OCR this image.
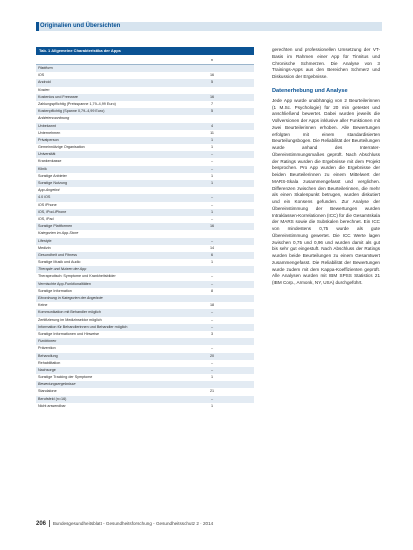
Originalien und Übersichten
Tab. 1 Allgemeine Charakteristika der Apps
n
Plattform
iOS	16
Android	5
Kosten
Kostenlos und Freeware	16
Zahlungspflichtig (Preisspanne 1,79–4,99 Euro)	7
Kostenpflichtig (Spanne 0,79–4,99 Euro)	5
Anbieterzuordnung
Unbekannt	4
Unternehmen	11
Privatperson	1
Gemeinnützige Organisation	1
Universität	–
Krankenkasse	–
Klinik	–
Sonstige Anbieter	1
Sonstige Nutzung	1
App-Angebot
4.0 iOS	–
iOS iPhone	–
iOS, iPod-iPhone	1
iOS, iPad	–
Sonstige Plattformen	16
Kategorien im App-Store
Lifestyle	–
Medizin	14
Gesundheit und Fitness	6
Sonstige Musik und Audio	1
Therapie und Nutzen der App
Therapeutisch: Symptome und Krankheitsbilder	–
Vermischte App-Funktionalitäten	–
Sonstige Information	8
Einordnung in Kategorien der Angebote
Keine	18
Kommunikation mit Behandler möglich	–
Zertifizierung im Medizinsektor möglich	–
Information für Behandlerinnen und Behandler möglich	–
Sonstige Informationen und Hinweise	3
Funktionen
Prävention	–
Behandlung	20
Rehabilitation	–
Nachsorge	–
Sonstige Tracking der Symptome	1
Bewertungsergebnisse
Standalone	21
Berufsfeld (n=16)	–
Nicht anwendbar	1

gerechten und professionellen Umsetzung der VT-Basis im Rahmen einer App für Tinnitus und Chronische Schmerzen. Die Analyse von 3 Trainings-Apps aus den Bereichen Schmerz und Diskussion der Ergebnisse.

Datenerhebung und Analyse

Jede App wurde unabhängig von 2 Beurteilerinnen (1 M.Sc. Psychologie) für 20 min getestet und anschließend bewertet. Dabei wurden jeweils die Vollversionen der Apps inklusive aller Funktionen mit zwei Beurteilerinnen erhoben. Alle Bewertungen erfolgten mit einem standardisierten Beurteilungsbogen. Die Reliabilität der Beurteilungen wurde anhand des Interrater-Übereinstimmungsmaßes geprüft. Nach Abschluss der Ratings wurden die Ergebnisse mit dem Projekt besprochen. Pro App wurden die Ergebnisse der beiden Beurteilerinnen zu einem Mittelwert der MARS-Skala zusammengefasst und verglichen. Differenzen zwischen den Beurteilerinnen, die mehr als einen Skalenpunkt betrugen, wurden diskutiert und ein Konsens gefunden. Zur Analyse der Übereinstimmung der Bewertungen wurden Intraklassen-Korrelationen (ICC) für die Gesamtskala der MARS sowie die Subskalen berechnet. Ein ICC von mindestens 0,75 wurde als gute Übereinstimmung gewertet. Die ICC Werte lagen zwischen 0,75 und 0,96 und wurden damit als gut bis sehr gut eingestuft. Nach Abschluss der Ratings wurden beide Beurteilungen zu einem Gesamtwert zusammengefasst. Die Reliabilität der Bewertungen wurde zudem mit dem Kappa-Koeffizienten geprüft. Alle Analysen wurden mit IBM SPSS Statistics 21 (IBM Corp., Armonk, NY, USA) durchgeführt.

206 Bundesgesundheitsblatt - Gesundheitsforschung - Gesundheitsschutz 2 · 2014
